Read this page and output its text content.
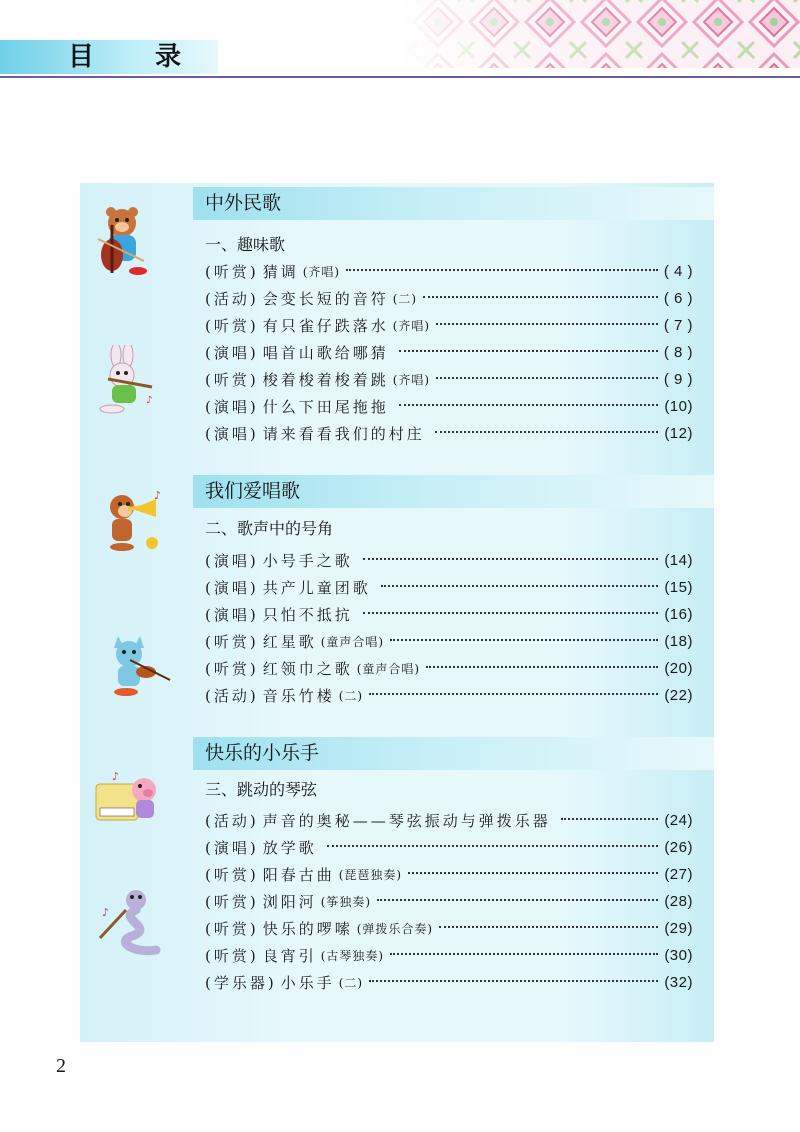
目 录
中外民歌
一、趣味歌
(听赏) 猜调 (齐唱)	( 4 )
(活动) 会变长短的音符 (二)	( 6 )
(听赏) 有只雀仔跌落水 (齐唱)	( 7 )
(演唱) 唱首山歌给哪猜	( 8 )
(听赏) 梭着梭着梭着跳 (齐唱)	( 9 )
(演唱) 什么下田尾拖拖	(10)
(演唱) 请来看看我们的村庄	(12)
我们爱唱歌
二、歌声中的号角
(演唱) 小号手之歌	(14)
(演唱) 共产儿童团歌	(15)
(演唱) 只怕不抵抗	(16)
(听赏) 红星歌 (童声合唱)	(18)
(听赏) 红领巾之歌 (童声合唱)	(20)
(活动) 音乐竹楼 (二)	(22)
快乐的小乐手
三、跳动的琴弦
(活动) 声音的奥秘——琴弦振动与弹拨乐器	(24)
(演唱) 放学歌	(26)
(听赏) 阳春古曲 (琵琶独奏)	(27)
(听赏) 浏阳河 (筝独奏)	(28)
(听赏) 快乐的啰嗦 (弹拨乐合奏)	(29)
(听赏) 良宵引 (古琴独奏)	(30)
(学乐器) 小乐手 (二)	(32)
♪
♪
♪
♪
2
